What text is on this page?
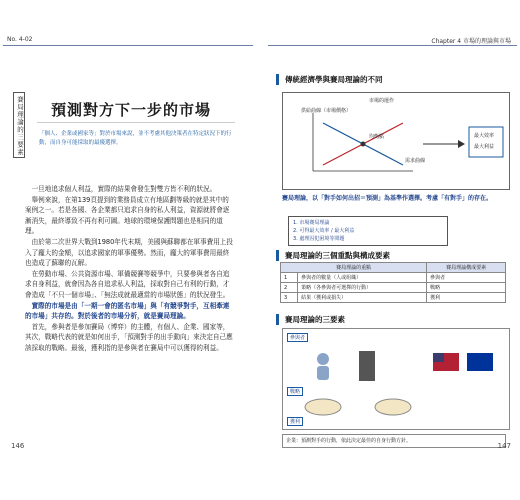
No. 4-02
賽局理論的三要素 預測對方下一步的市場
「個人、企業或國家等」對於市場來說，並不考慮其他決策者在特定狀況下的行動，而自身可能採取的最優選擇。

一旦地追求個人利益，實際的結果會發生對雙方皆不利的狀況。

舉例來說，在第139頁提到的業務員成立有地區劃等級的就是其中的案例之一。若是各國、各企業都只追求自身的私人利益，資源就將會逐漸消失，最終導致不再有利可圖。地球的環境保護問題也是相同的道理。

由於第二次世界大戰到1980年代末期，美國與蘇聯都在軍事費用上投入了龐大的金額，以追求國家的軍事優勢。然而，龐大的軍事費用最終也造成了蘇聯的瓦解。

在勞動市場、公共資源市場、軍備競賽等競爭中，只要參與者各自追求自身利益，就會因為各自追求私人利益，採取對自己有利的行動，才會造成「不只一個市場」、「無法成就最適當的市場狀態」的狀況發生。

實際的市場是由「一期一會的匿名市場」與「有競爭對手，互相牽連的市場」共存的。對於後者的市場分析，就是賽局理論。

首先，參與者是參加賽局（博弈）的主體，有個人、企業、國家等，其次，戰略代表的就是如何出手，「預測對手的出手動向」來決定自己應該採取的戰略。最後，獲利指的是參與者在賽局中可以獲得的利益。

146
Chapter 4 市場的理論與市場
傳統經濟學與賽局理論的不同
市場的運作
供給曲線（市場價格）
需求曲線
均衡點	最大效率
最大利益
賽局理論，以「對手如何出招＝預測」為基準作選擇。考慮「有對手」的存在。
1. 市場賽局理論
2. 可得最大效率 / 最大利益
3. 處理囚犯困境等問題
賽局理論的三個重點與構成要素
賽局理論的重點		賽局理論構成要素
1	參與者的數量（人或組織）	參與者
2	策略（各參與者可選擇的行動）	戰略
3	結果（獲利或損失）	獲利
賽局理論的三要素
參與者
戰略
獲利
企業：預測對手的行動，依此決定最佳的自身行動方針。
147
